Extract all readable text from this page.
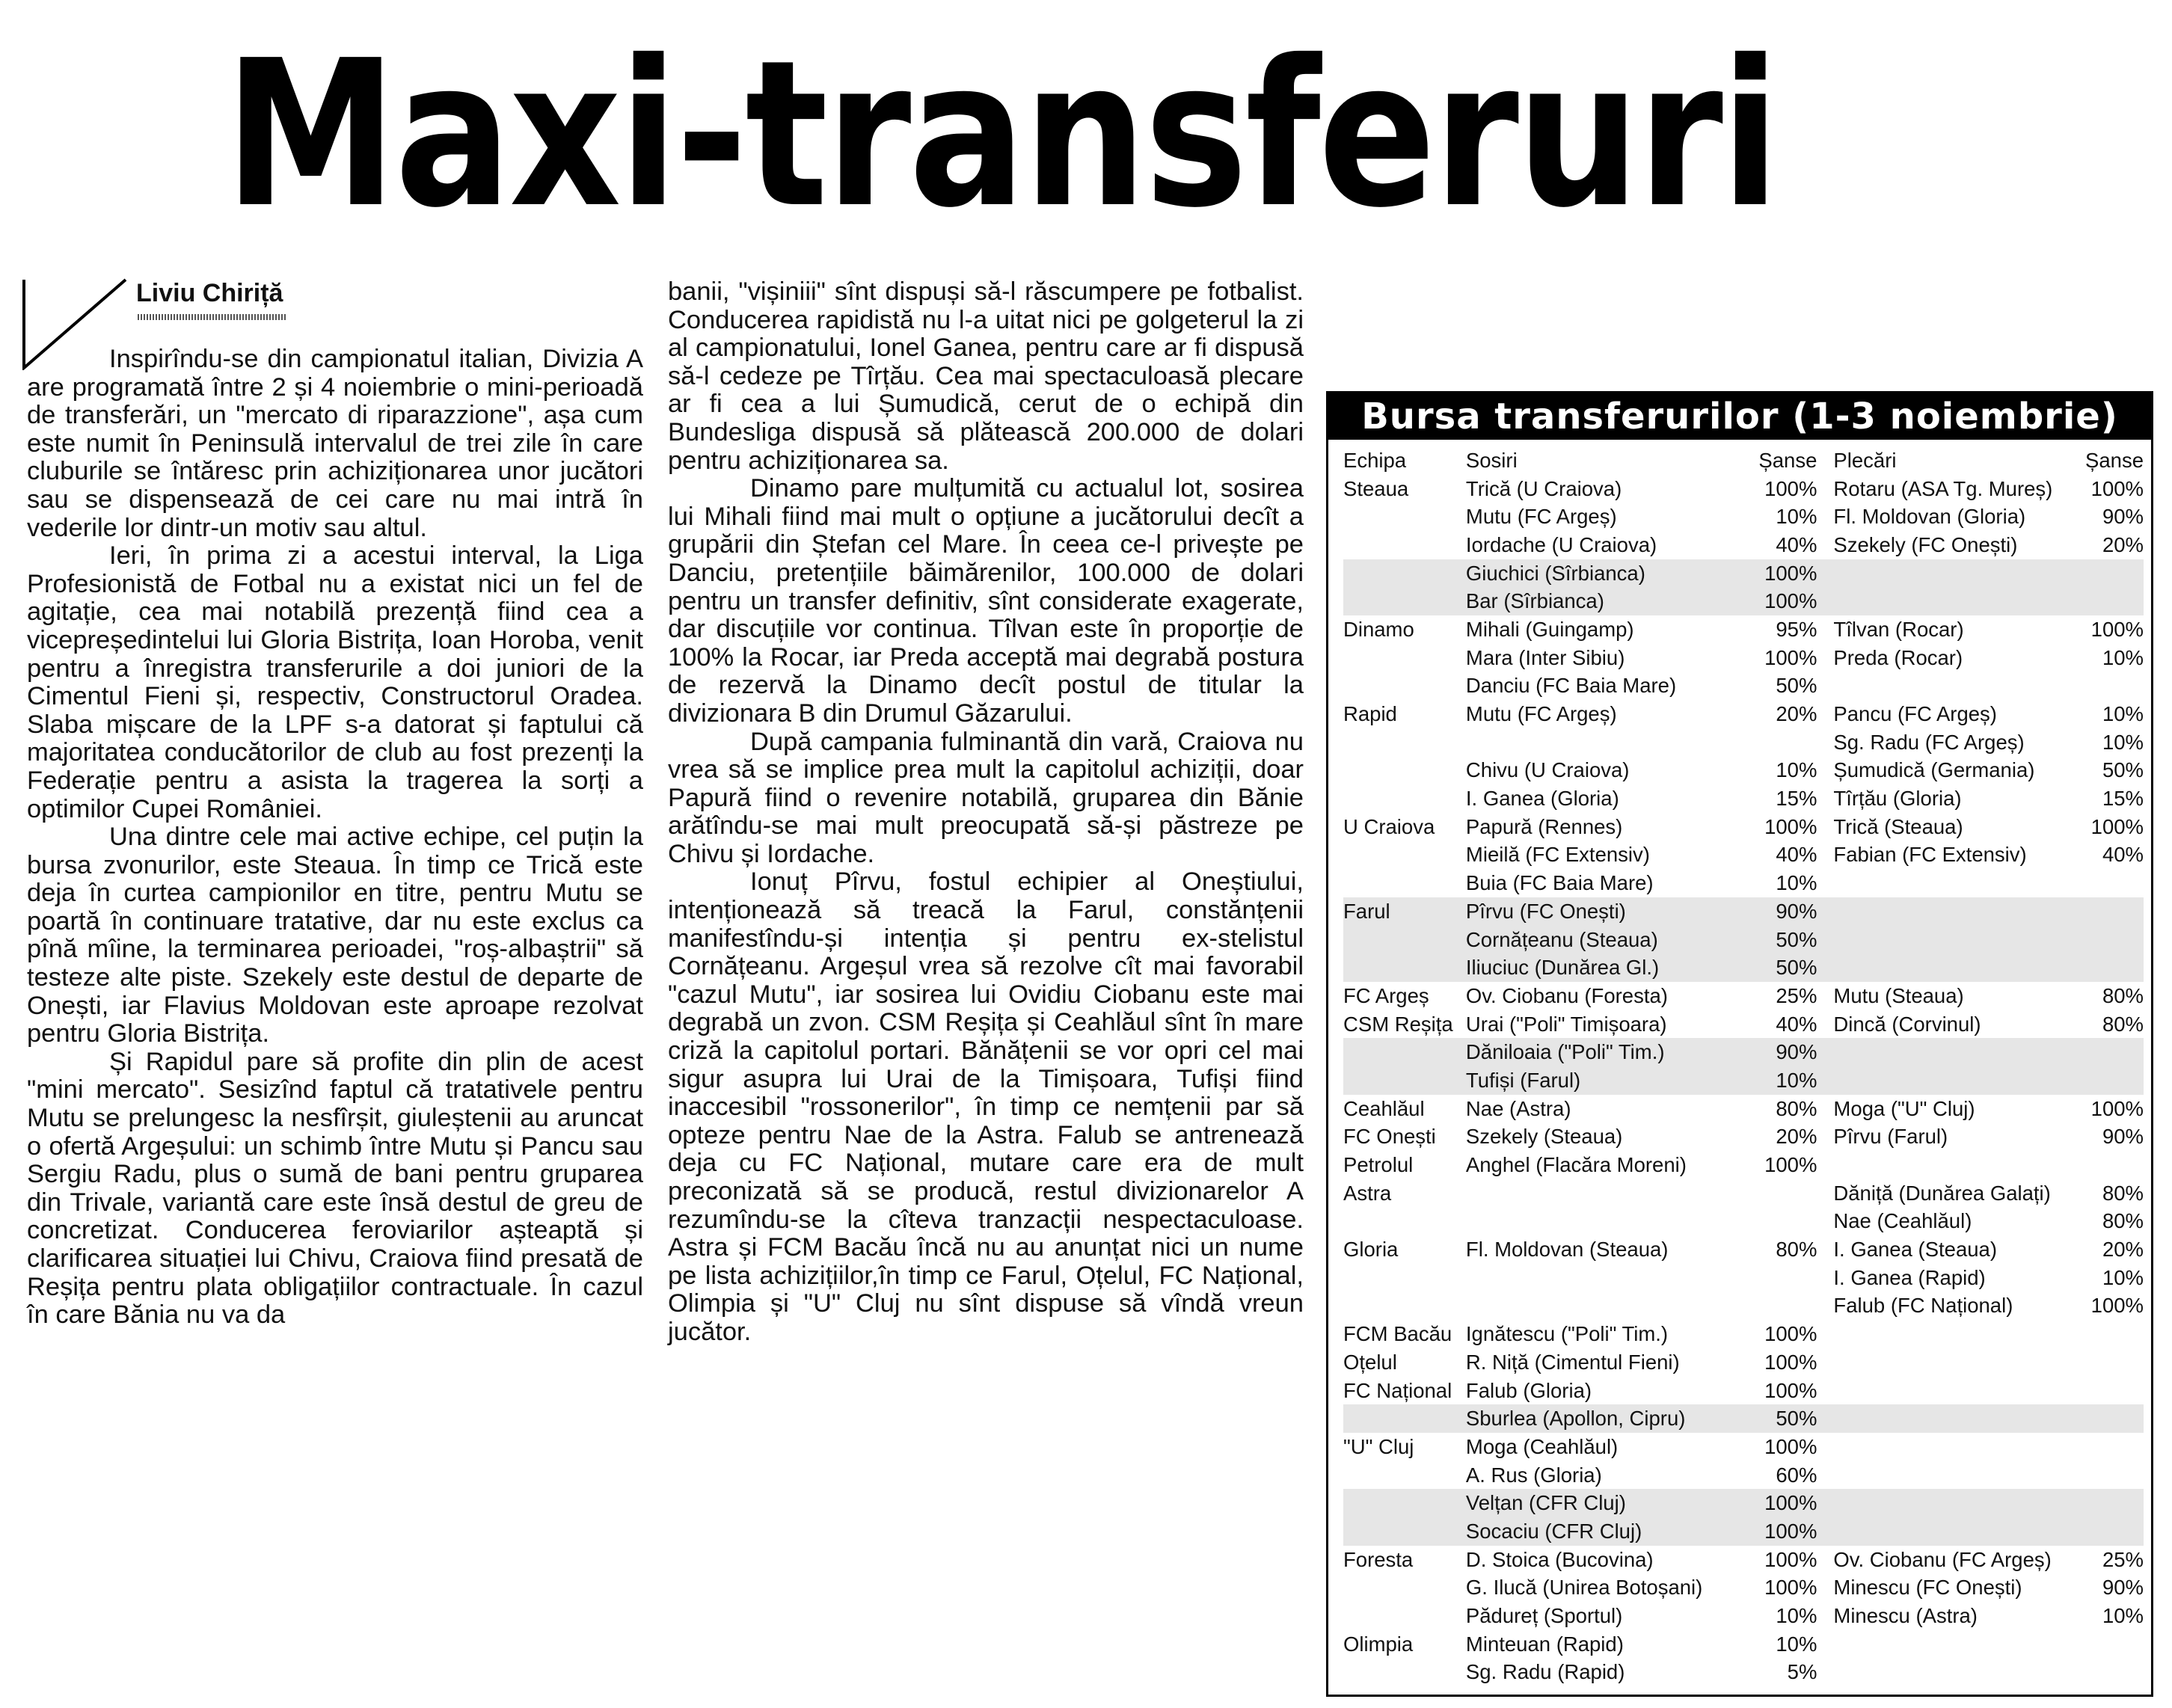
Maxi-transferuri
Liviu Chiriță

Inspirîndu-se din campionatul italian, Divizia A are programată între 2 și 4 noiembrie o mini-perioadă de transferări, un "mercato di riparazzione", așa cum este numit în Peninsulă intervalul de trei zile în care cluburile se întăresc prin achiziționarea unor jucători sau se dispensează de cei care nu mai intră în vederile lor dintr-un motiv sau altul.

Ieri, în prima zi a acestui interval, la Liga Profesionistă de Fotbal nu a existat nici un fel de agitație, cea mai notabilă prezență fiind cea a vicepreședintelui lui Gloria Bistrița, Ioan Horoba, venit pentru a înregistra transferurile a doi juniori de la Cimentul Fieni și, respectiv, Constructorul Oradea. Slaba mișcare de la LPF s-a datorat și faptului că majoritatea conducătorilor de club au fost prezenți la Federație pentru a asista la tragerea la sorți a optimilor Cupei României.

Una dintre cele mai active echipe, cel puțin la bursa zvonurilor, este Steaua. În timp ce Trică este deja în curtea campionilor en titre, pentru Mutu se poartă în continuare tratative, dar nu este exclus ca pînă mîine, la terminarea perioadei, "roș-albaștrii" să testeze alte piste. Szekely este destul de departe de Onești, iar Flavius Moldovan este aproape rezolvat pentru Gloria Bistrița.

Și Rapidul pare să profite din plin de acest "mini mercato". Sesizînd faptul că tratativele pentru Mutu se prelungesc la nesfîrșit, giuleștenii au aruncat o ofertă Argeșului: un schimb între Mutu și Pancu sau Sergiu Radu, plus o sumă de bani pentru gruparea din Trivale, variantă care este însă destul de greu de concretizat. Conducerea feroviarilor așteaptă și clarificarea situației lui Chivu, Craiova fiind presată de Reșița pentru plata obligațiilor contractuale. În cazul în care Bănia nu va da

banii, "vișiniii" sînt dispuși să-l răscumpere pe fotbalist. Conducerea rapidistă nu l-a uitat nici pe golgeterul la zi al campionatului, Ionel Ganea, pentru care ar fi dispusă să-l cedeze pe Tîrțău. Cea mai spectaculoasă plecare ar fi cea a lui Șumudică, cerut de o echipă din Bundesliga dispusă să plătească 200.000 de dolari pentru achiziționarea sa.

Dinamo pare mulțumită cu actualul lot, sosirea lui Mihali fiind mai mult o opțiune a jucătorului decît a grupării din Ștefan cel Mare. În ceea ce-l privește pe Danciu, pretențiile băimărenilor, 100.000 de dolari pentru un transfer definitiv, sînt considerate exagerate, dar discuțiile vor continua. Tîlvan este în proporție de 100% la Rocar, iar Preda acceptă mai degrabă postura de rezervă la Dinamo decît postul de titular la divizionara B din Drumul Găzarului.

După campania fulminantă din vară, Craiova nu vrea să se implice prea mult la capitolul achiziții, doar Papură fiind o revenire notabilă, gruparea din Bănie arătîndu-se mai mult preocupată să-și păstreze pe Chivu și Iordache.

Ionuț Pîrvu, fostul echipier al Oneștiului, intenționează să treacă la Farul, constănțenii manifestîndu-și intenția și pentru ex-stelistul Cornățeanu. Argeșul vrea să rezolve cît mai favorabil "cazul Mutu", iar sosirea lui Ovidiu Ciobanu este mai degrabă un zvon. CSM Reșița și Ceahlăul sînt în mare criză la capitolul portari. Bănățenii se vor opri cel mai sigur asupra lui Urai de la Timișoara, Tufiși fiind inaccesibil "rossonerilor", în timp ce nemțenii par să opteze pentru Nae de la Astra. Falub se antrenează deja cu FC Național, mutare care era de mult preconizată să se producă, restul divizionarelor A rezumîndu-se la cîteva tranzacții nespectaculoase. Astra și FCM Bacău încă nu au anunțat nici un nume pe lista achizițiilor,în timp ce Farul, Oțelul, FC Național, Olimpia și "U" Cluj nu sînt dispuse să vîndă vreun jucător.

Bursa transferurilor (1-3 noiembrie)
Echipa	Sosiri	Șanse	Plecări	Șanse
Steaua	Trică (U Craiova)	100%	Rotaru (ASA Tg. Mureș)	100%
	Mutu (FC Argeș)	10%	Fl. Moldovan (Gloria)	90%
	Iordache (U Craiova)	40%	Szekely (FC Onești)	20%
	Giuchici (Sîrbianca)	100%		
	Bar (Sîrbianca)	100%		
Dinamo	Mihali (Guingamp)	95%	Tîlvan (Rocar)	100%
	Mara (Inter Sibiu)	100%	Preda (Rocar)	10%
	Danciu (FC Baia Mare)	50%		
Rapid	Mutu (FC Argeș)	20%	Pancu (FC Argeș)	10%
			Sg. Radu (FC Argeș)	10%
	Chivu (U Craiova)	10%	Șumudică (Germania)	50%
	I. Ganea (Gloria)	15%	Tîrțău (Gloria)	15%
U Craiova	Papură (Rennes)	100%	Trică (Steaua)	100%
	Mieilă (FC Extensiv)	40%	Fabian (FC Extensiv)	40%
	Buia (FC Baia Mare)	10%		
Farul	Pîrvu (FC Onești)	90%		
	Cornățeanu (Steaua)	50%		
	Iliuciuc (Dunărea Gl.)	50%		
FC Argeș	Ov. Ciobanu (Foresta)	25%	Mutu (Steaua)	80%
CSM Reșița	Urai ("Poli" Timișoara)	40%	Dincă (Corvinul)	80%
	Dăniloaia ("Poli" Tim.)	90%		
	Tufiși (Farul)	10%		
Ceahlăul	Nae (Astra)	80%	Moga ("U" Cluj)	100%
FC Onești	Szekely (Steaua)	20%	Pîrvu (Farul)	90%
Petrolul	Anghel (Flacăra Moreni)	100%		
Astra			Dăniță (Dunărea Galați)	80%
			Nae (Ceahlăul)	80%
Gloria	Fl. Moldovan (Steaua)	80%	I. Ganea (Steaua)	20%
			I. Ganea (Rapid)	10%
			Falub (FC Național)	100%
FCM Bacău	Ignătescu ("Poli" Tim.)	100%		
Oțelul	R. Niță (Cimentul Fieni)	100%		
FC Național	Falub (Gloria)	100%		
	Sburlea (Apollon, Cipru)	50%		
"U" Cluj	Moga (Ceahlăul)	100%		
	A. Rus (Gloria)	60%		
	Velțan (CFR Cluj)	100%		
	Socaciu (CFR Cluj)	100%		
Foresta	D. Stoica (Bucovina)	100%	Ov. Ciobanu (FC Argeș)	25%
	G. Ilucă (Unirea Botoșani)	100%	Minescu (FC Onești)	90%
	Pădureț (Sportul)	10%	Minescu (Astra)	10%
Olimpia	Minteuan (Rapid)	10%		
	Sg. Radu (Rapid)	5%		
